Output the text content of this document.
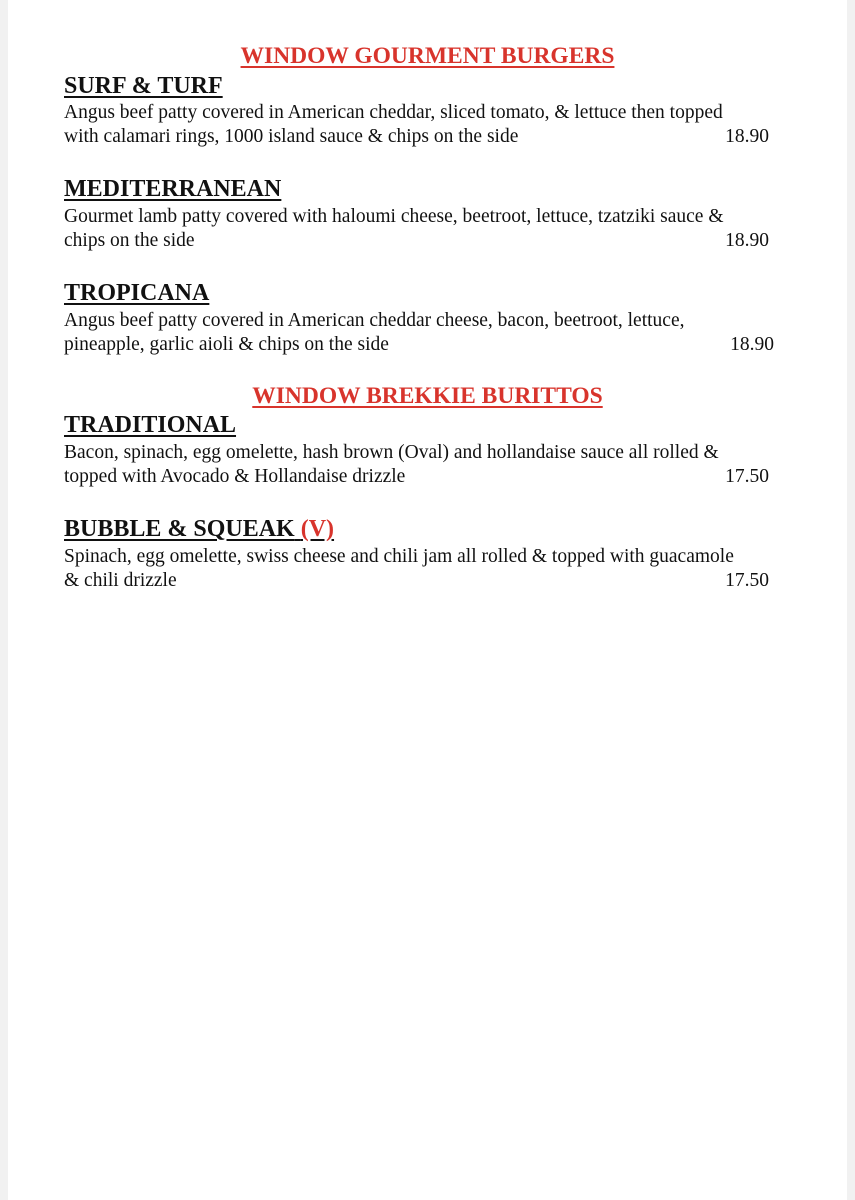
WINDOW GOURMENT BURGERS
SURF & TURF

Angus beef patty covered in American cheddar, sliced tomato, & lettuce then topped

with calamari rings, 1000 island sauce & chips on the side	18.90
MEDITERRANEAN

Gourmet lamb patty covered with haloumi cheese, beetroot, lettuce, tzatziki sauce &

chips on the side	18.90
TROPICANA

Angus beef patty covered in American cheddar cheese, bacon, beetroot, lettuce,

pineapple, garlic aioli & chips on the side	18.90
WINDOW BREKKIE BURITTOS
TRADITIONAL

Bacon, spinach, egg omelette, hash brown (Oval) and hollandaise sauce all rolled &

topped with Avocado & Hollandaise drizzle	17.50
BUBBLE & SQUEAK (V)

Spinach, egg omelette, swiss cheese and chili jam all rolled & topped with guacamole

& chili drizzle	17.50
